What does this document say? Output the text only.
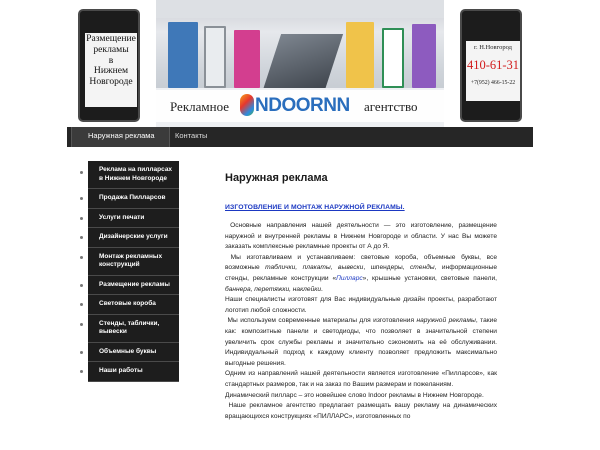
Размещение
рекламы
в
Нижнем
Новгороде
Рекламное NDOORNN агентство
г. Н.Новгород
410-61-31
+7(952) 466-15-22
Наружная реклама	Контакты
Реклама на пилларсах в Нижнем Новгороде
Продажа Пилларсов
Услуги печати
Дизайнерские услуги
Монтаж рекламных конструкций
Размещение рекламы
Световые короба
Стенды, таблички, вывески
Объемные буквы
Наши работы
Наружная реклама
ИЗГОТОВЛЕНИЕ И МОНТАЖ НАРУЖНОЙ РЕКЛАМЫ.

Основные направления нашей деятельности — это изготовление, размещение наружной и внутренней рекламы в Нижнем Новгороде и области. У нас Вы можете заказать комплексные рекламные проекты от А до Я.

Мы изготавливаем и устанавливаем: световые короба, объемные буквы, все возможные таблички, плакаты, вывески, шпендеры, стенды, информационные стенды, рекламные конструкции «Пилларс», крышные установки, световые панели, баннера, перетяжки, наклейки.

Наши специалисты изготовят для Вас индивидуальные дизайн проекты, разработают логотип любой сложности.

Мы используем современные материалы для изготовления наружной рекламы, такие как: композитные панели и светодиоды, что позволяет в значительной степени увеличить срок службы рекламы и значительно сэкономить на её обслуживании. Индивидуальный подход к каждому клиенту позволяет предложить максимально выгодные решения.

Одним из направлений нашей деятельности является изготовление «Пилларсов», как стандартных размеров, так и на заказ по Вашим размерам и пожеланиям.

Динамический пилларс – это новейшее слово Indoor рекламы в Нижнем Новгороде.

Наше рекламное агентство предлагает размещать вашу рекламу на динамических вращающихся конструкциях «ПИЛЛАРС», изготовленных по
